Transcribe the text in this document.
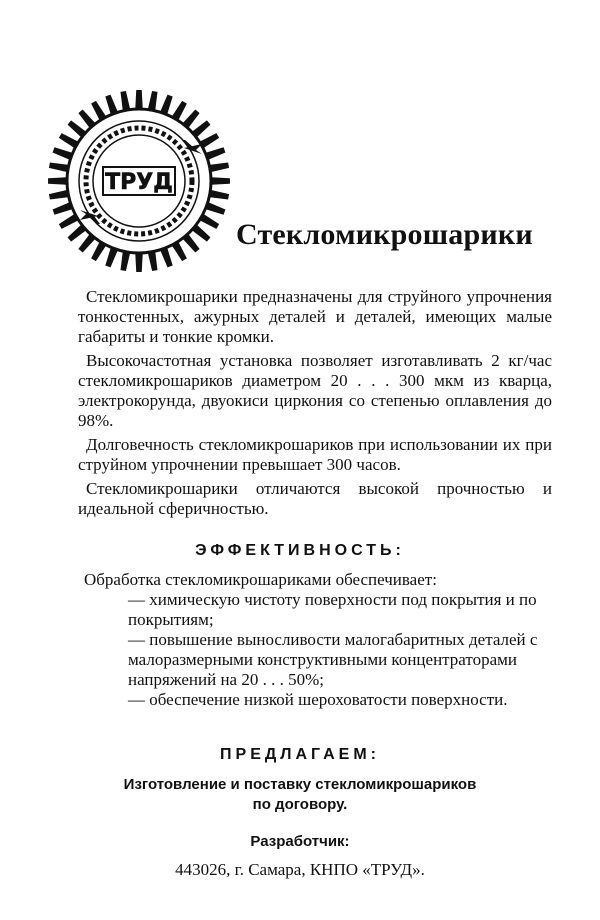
ТРУД
Стекломикрошарики

Стекломикрошарики предназначены для струйного упрочнения тонкостенных, ажурных деталей и деталей, имеющих малые габариты и тонкие кромки.

Высокочастотная установка позволяет изготавливать 2 кг/час стекломикрошариков диаметром 20 . . . 300 мкм из кварца, электрокорунда, двуокиси циркония со степенью оплавления до 98%.

Долговечность стекломикрошариков при использовании их при струйном упрочнении превышает 300 часов.

Стекломикрошарики отличаются высокой прочностью и идеальной сферичностью.

ЭФФЕКТИВНОСТЬ:
Обработка стекломикрошариками обеспечивает:

— химическую чистоту поверхности под покрытия и по покрытиям;

— повышение выносливости малогабаритных деталей с малоразмерными конструктивными концентраторами напряжений на 20 . . . 50%;

— обеспечение низкой шероховатости поверхности.

ПРЕДЛАГАЕМ:
Изготовление и поставку стекломикрошариков
по договору.
Разработчик:
443026, г. Самара, КНПО «ТРУД».
